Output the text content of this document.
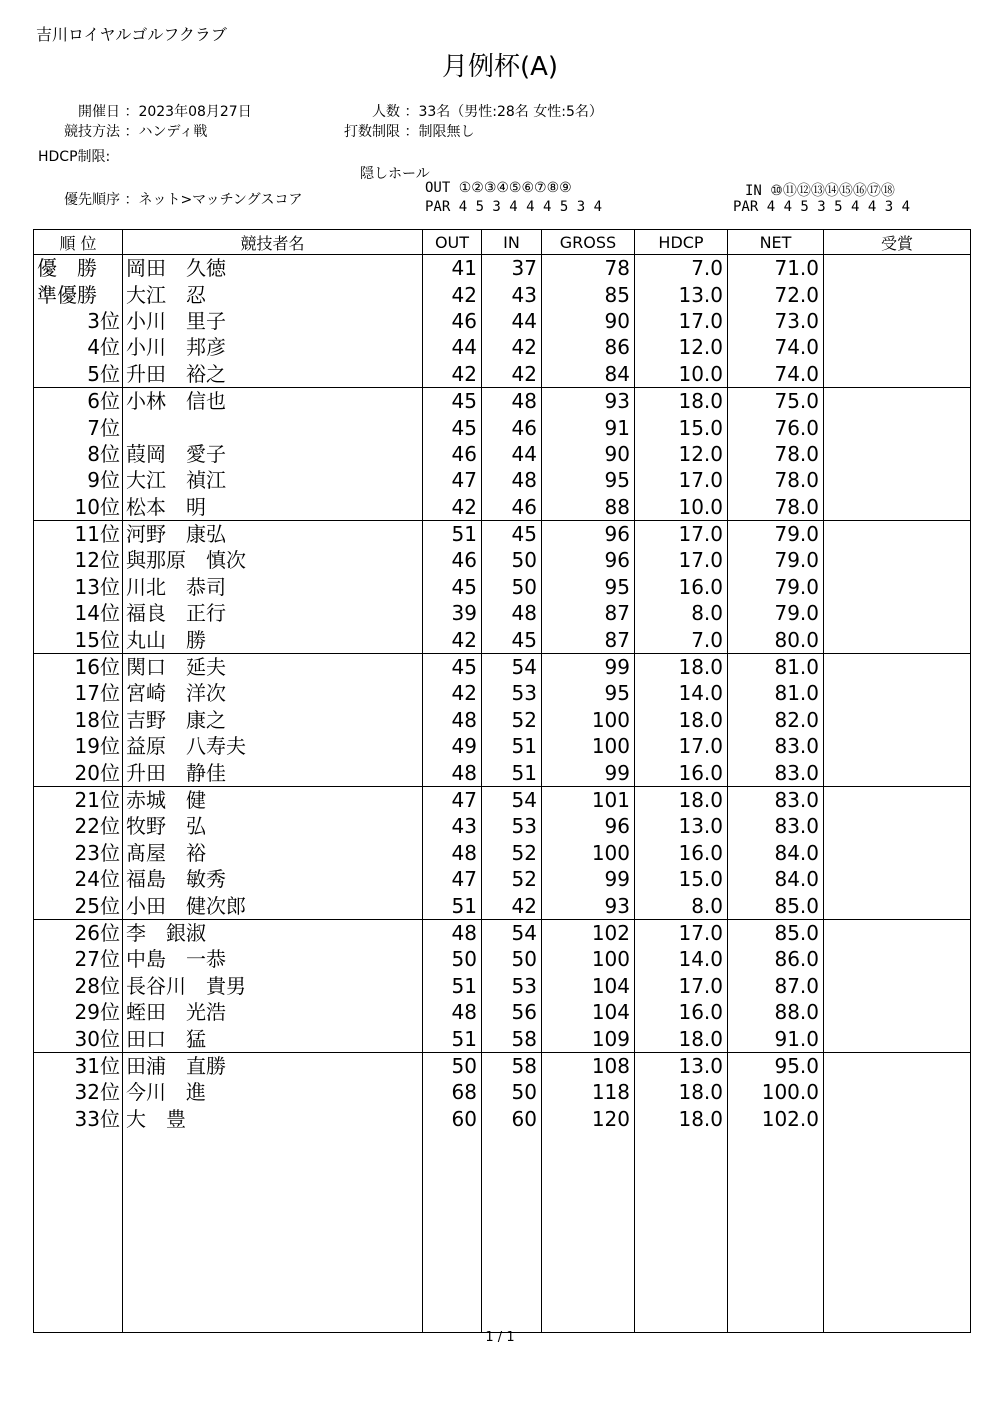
吉川ロイヤルゴルフクラブ
月例杯(A)
開催日 ：2023年08月27日	人数 ：33名（男性:28名 女性:5名）
競技方法 ：ハンディ戦	打数制限 ：制限無し
HDCP制限:
隠しホール
優先順序 ：ネット>マッチングスコア
OUT ①②③④⑤⑥⑦⑧⑨
PAR 4 5 3 4 4 4 5 3 4
IN ⑩⑪⑫⑬⑭⑮⑯⑰⑱
PAR 4 4 5 3 5 4 4 3 4
順 位	競技者名	OUT	IN	GROSS	HDCP	NET	受賞
優　勝	岡田　久徳	41	37	78	7.0	71.0	
準優勝	大江　忍	42	43	85	13.0	72.0	
3位	小川　里子	46	44	90	17.0	73.0	
4位	小川　邦彦	44	42	86	12.0	74.0	
5位	升田　裕之	42	42	84	10.0	74.0	
6位	小林　信也	45	48	93	18.0	75.0	
7位		45	46	91	15.0	76.0	
8位	葭岡　愛子	46	44	90	12.0	78.0	
9位	大江　禎江	47	48	95	17.0	78.0	
10位	松本　明	42	46	88	10.0	78.0	
11位	河野　康弘	51	45	96	17.0	79.0	
12位	與那原　慎次	46	50	96	17.0	79.0	
13位	川北　恭司	45	50	95	16.0	79.0	
14位	福良　正行	39	48	87	8.0	79.0	
15位	丸山　勝	42	45	87	7.0	80.0	
16位	関口　延夫	45	54	99	18.0	81.0	
17位	宮崎　洋次	42	53	95	14.0	81.0	
18位	吉野　康之	48	52	100	18.0	82.0	
19位	益原　八寿夫	49	51	100	17.0	83.0	
20位	升田　静佳	48	51	99	16.0	83.0	
21位	赤城　健	47	54	101	18.0	83.0	
22位	牧野　弘	43	53	96	13.0	83.0	
23位	髙屋　裕	48	52	100	16.0	84.0	
24位	福島　敏秀	47	52	99	15.0	84.0	
25位	小田　健次郎	51	42	93	8.0	85.0	
26位	李　銀淑	48	54	102	17.0	85.0	
27位	中島　一恭	50	50	100	14.0	86.0	
28位	長谷川　貴男	51	53	104	17.0	87.0	
29位	蛭田　光浩	48	56	104	16.0	88.0	
30位	田口　猛	51	58	109	18.0	91.0	
31位	田浦　直勝	50	58	108	13.0	95.0	
32位	今川　進	68	50	118	18.0	100.0	
33位	大　豊	60	60	120	18.0	102.0	

1 / 1
